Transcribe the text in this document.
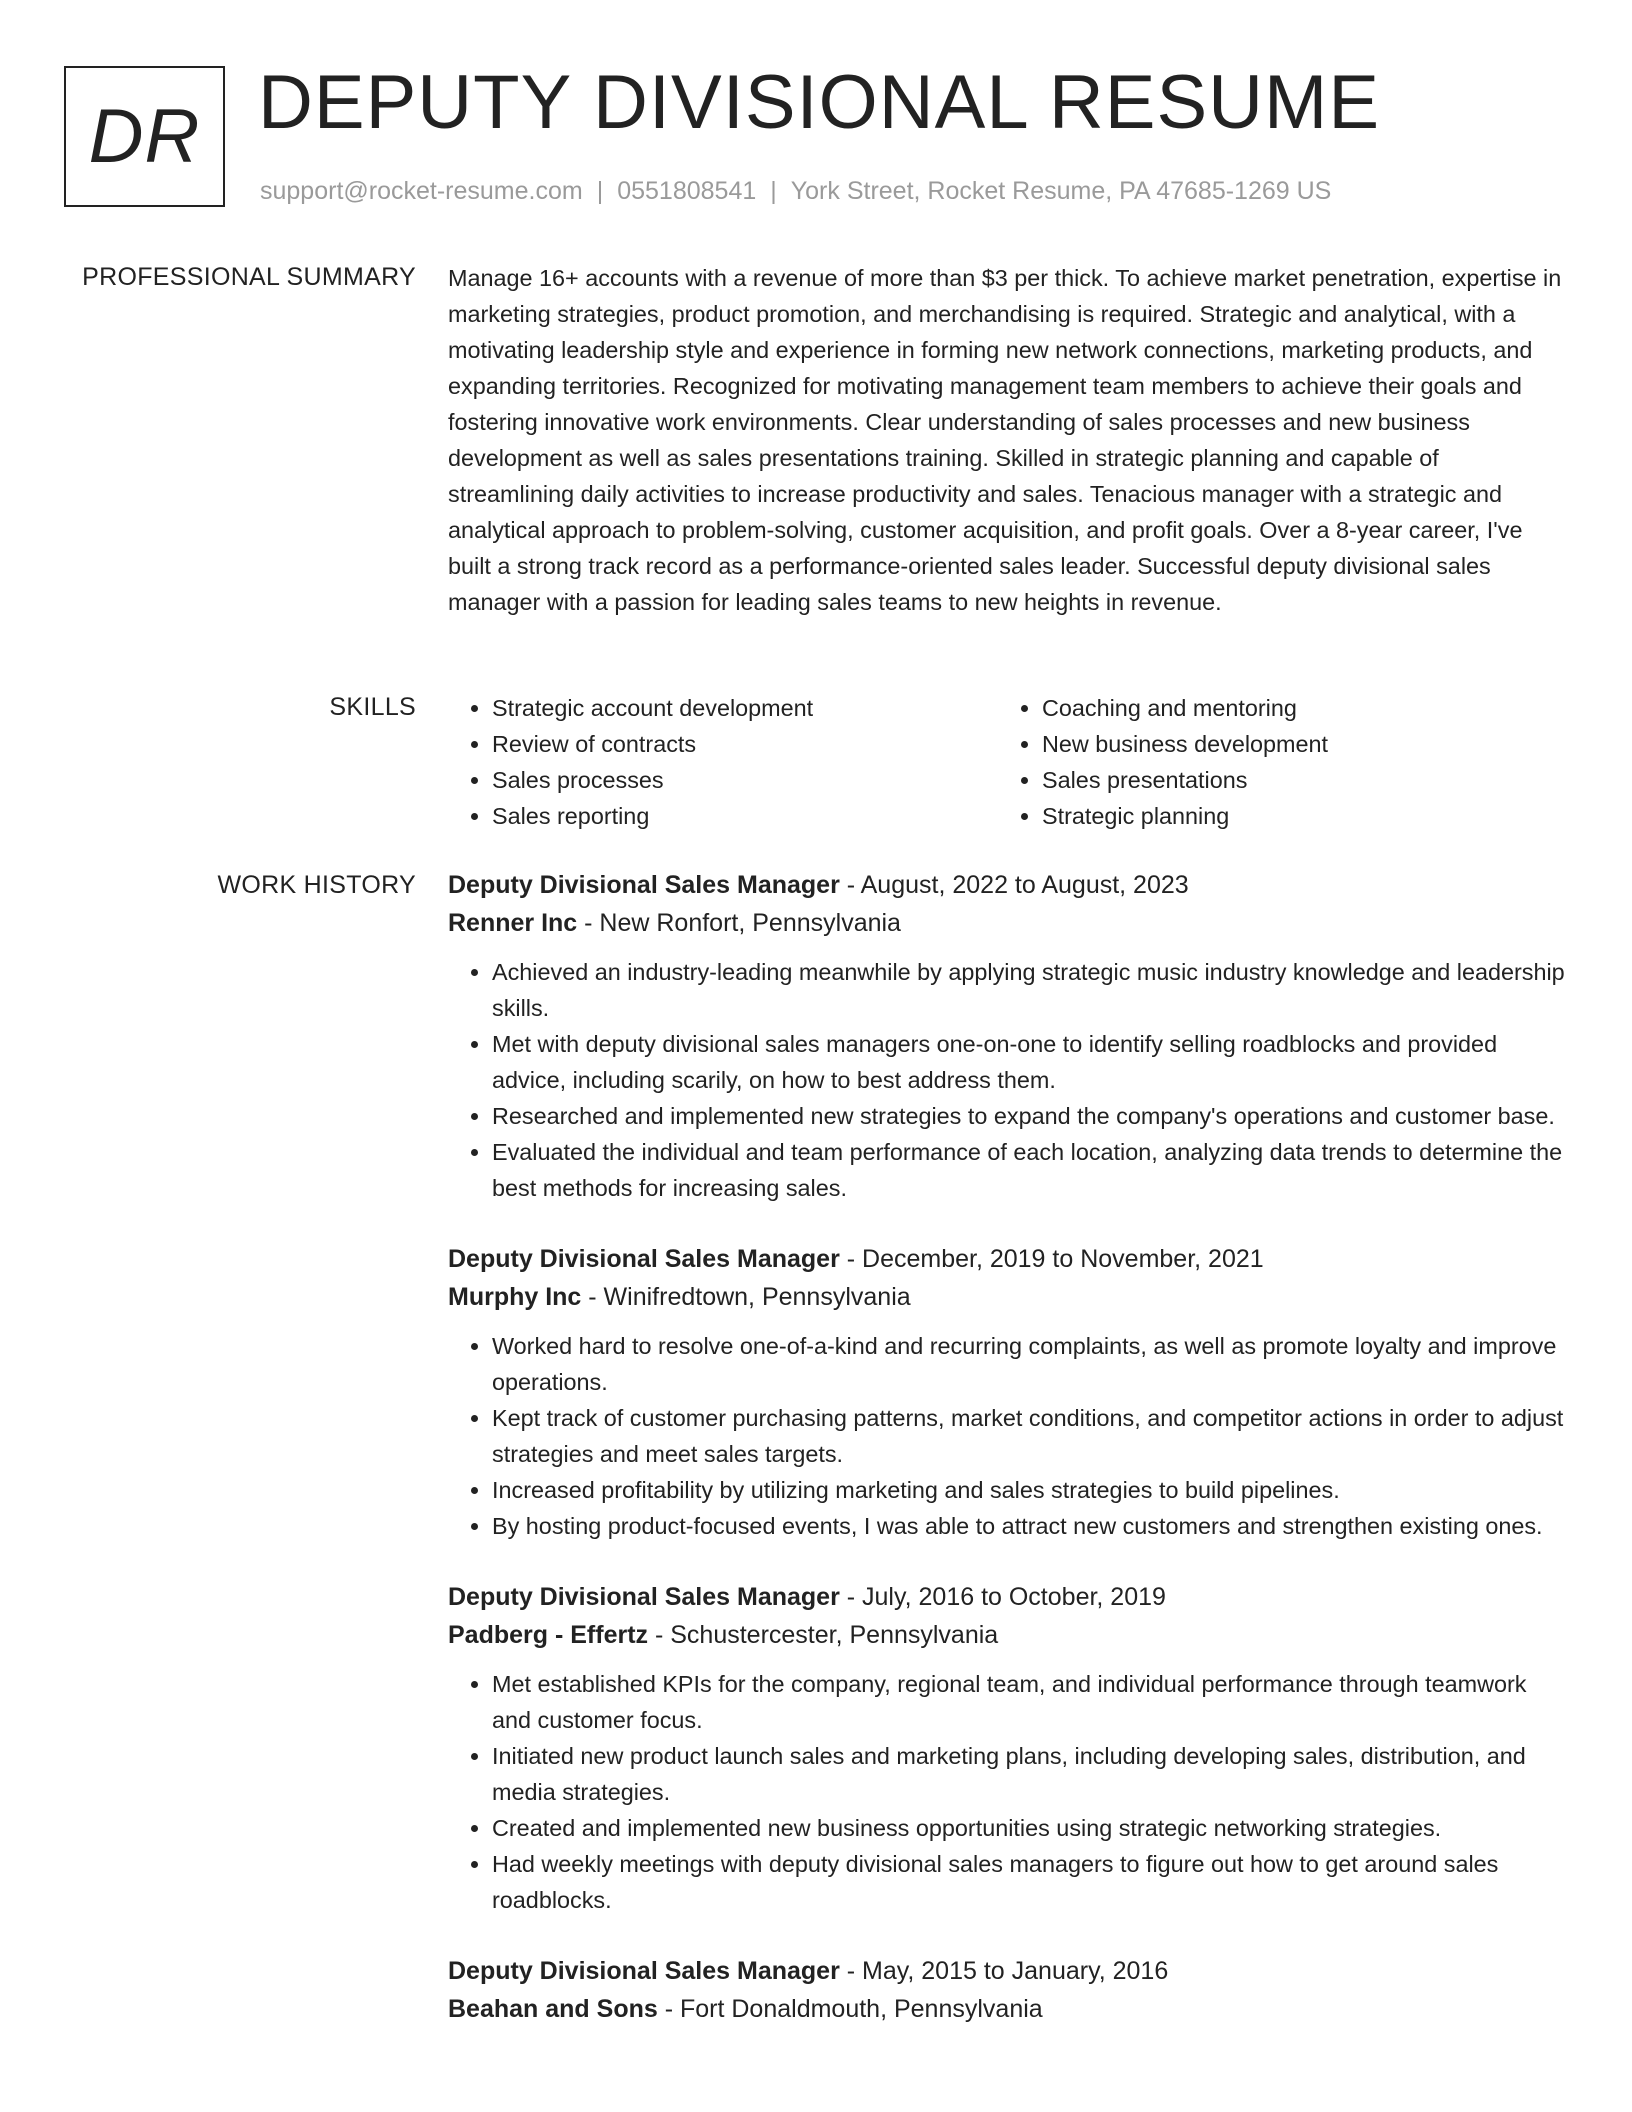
DR DEPUTY DIVISIONAL RESUME
support@rocket-resume.com | 0551808541 | York Street, Rocket Resume, PA 47685-1269 US
PROFESSIONAL SUMMARY Manage 16+ accounts with a revenue of more than $3 per thick. To achieve market penetration, expertise in marketing strategies, product promotion, and merchandising is required. Strategic and analytical, with a motivating leadership style and experience in forming new network connections, marketing products, and expanding territories. Recognized for motivating management team members to achieve their goals and fostering innovative work environments. Clear understanding of sales processes and new business development as well as sales presentations training. Skilled in strategic planning and capable of streamlining daily activities to increase productivity and sales. Tenacious manager with a strategic and analytical approach to problem-solving, customer acquisition, and profit goals. Over a 8-year career, I've built a strong track record as a performance-oriented sales leader. Successful deputy divisional sales manager with a passion for leading sales teams to new heights in revenue.

SKILLS
•	Strategic account development
• Review of contracts
• Sales processes
• Sales reporting
• Coaching and mentoring
• New business development
• Sales presentations
• Strategic planning
WORK HISTORY Deputy Divisional Sales Manager - August, 2022 to August, 2023
Renner Inc - New Ronfort, Pennsylvania
• Achieved an industry-leading meanwhile by applying strategic music industry knowledge and leadership skills.
• Met with deputy divisional sales managers one-on-one to identify selling roadblocks and provided advice, including scarily, on how to best address them.
• Researched and implemented new strategies to expand the company's operations and customer base.
• Evaluated the individual and team performance of each location, analyzing data trends to determine the best methods for increasing sales.
Deputy Divisional Sales Manager - December, 2019 to November, 2021
Murphy Inc - Winifredtown, Pennsylvania
• Worked hard to resolve one-of-a-kind and recurring complaints, as well as promote loyalty and improve operations.
• Kept track of customer purchasing patterns, market conditions, and competitor actions in order to adjust strategies and meet sales targets.
• Increased profitability by utilizing marketing and sales strategies to build pipelines.
• By hosting product-focused events, I was able to attract new customers and strengthen existing ones.
Deputy Divisional Sales Manager - July, 2016 to October, 2019
Padberg - Effertz - Schustercester, Pennsylvania
• Met established KPIs for the company, regional team, and individual performance through teamwork and customer focus.
• Initiated new product launch sales and marketing plans, including developing sales, distribution, and media strategies.
• Created and implemented new business opportunities using strategic networking strategies.
• Had weekly meetings with deputy divisional sales managers to figure out how to get around sales roadblocks.
Deputy Divisional Sales Manager - May, 2015 to January, 2016
Beahan and Sons - Fort Donaldmouth, Pennsylvania
